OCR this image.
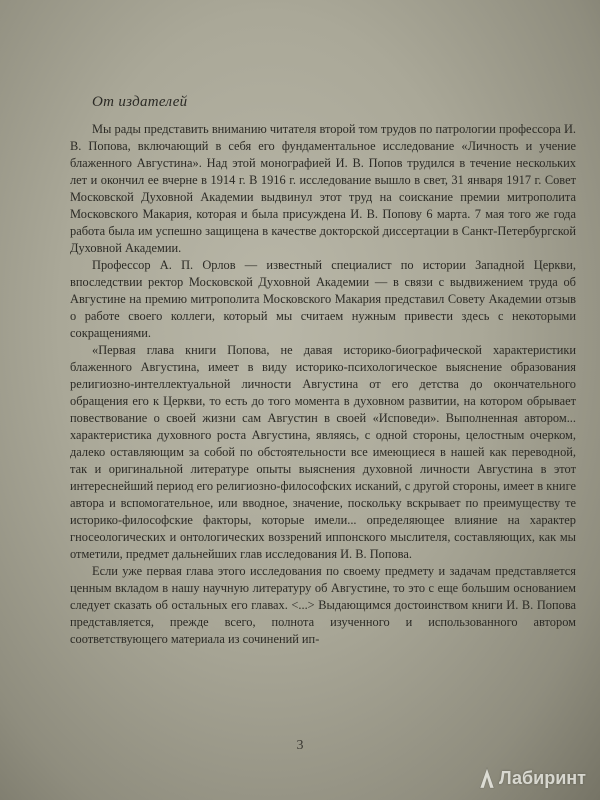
От издателей

Мы рады представить вниманию читателя второй том трудов по патрологии профессора И. В. Попова, включающий в себя его фундаментальное исследование «Личность и учение блаженного Августина». Над этой монографией И. В. Попов трудился в течение нескольких лет и окончил ее вчерне в 1914 г. В 1916 г. исследование вышло в свет, 31 января 1917 г. Совет Московской Духовной Академии выдвинул этот труд на соискание премии митрополита Московского Макария, которая и была присуждена И. В. Попову 6 марта. 7 мая того же года работа была им успешно защищена в качестве докторской диссертации в Санкт-Петербургской Духовной Академии.

Профессор А. П. Орлов — известный специалист по истории Западной Церкви, впоследствии ректор Московской Духовной Академии — в связи с выдвижением труда об Августине на премию митрополита Московского Макария представил Совету Академии отзыв о работе своего коллеги, который мы считаем нужным привести здесь с некоторыми сокращениями.

«Первая глава книги Попова, не давая историко-биографической характеристики блаженного Августина, имеет в виду историко-психологическое выяснение образования религиозно-интеллектуальной личности Августина от его детства до окончательного обращения его к Церкви, то есть до того момента в духовном развитии, на котором обрывает повествование о своей жизни сам Августин в своей «Исповеди». Выполненная автором... характеристика духовного роста Августина, являясь, с одной стороны, целостным очерком, далеко оставляющим за собой по обстоятельности все имеющиеся в нашей как переводной, так и оригинальной литературе опыты выяснения духовной личности Августина в этот интереснейший период его религиозно-философских исканий, с другой стороны, имеет в книге автора и вспомогательное, или вводное, значение, поскольку вскрывает по преимуществу те историко-философские факторы, которые имели... определяющее влияние на характер гносеологических и онтологических воззрений иппонского мыслителя, составляющих, как мы отметили, предмет дальнейших глав исследования И. В. Попова.

Если уже первая глава этого исследования по своему предмету и задачам представляется ценным вкладом в нашу научную литературу об Августине, то это с еще большим основанием следует сказать об остальных его главах. <...> Выдающимся достоинством книги И. В. Попова представляется, прежде всего, полнота изученного и использованного автором соответствующего материала из сочинений ип-

3
Лабиринт
